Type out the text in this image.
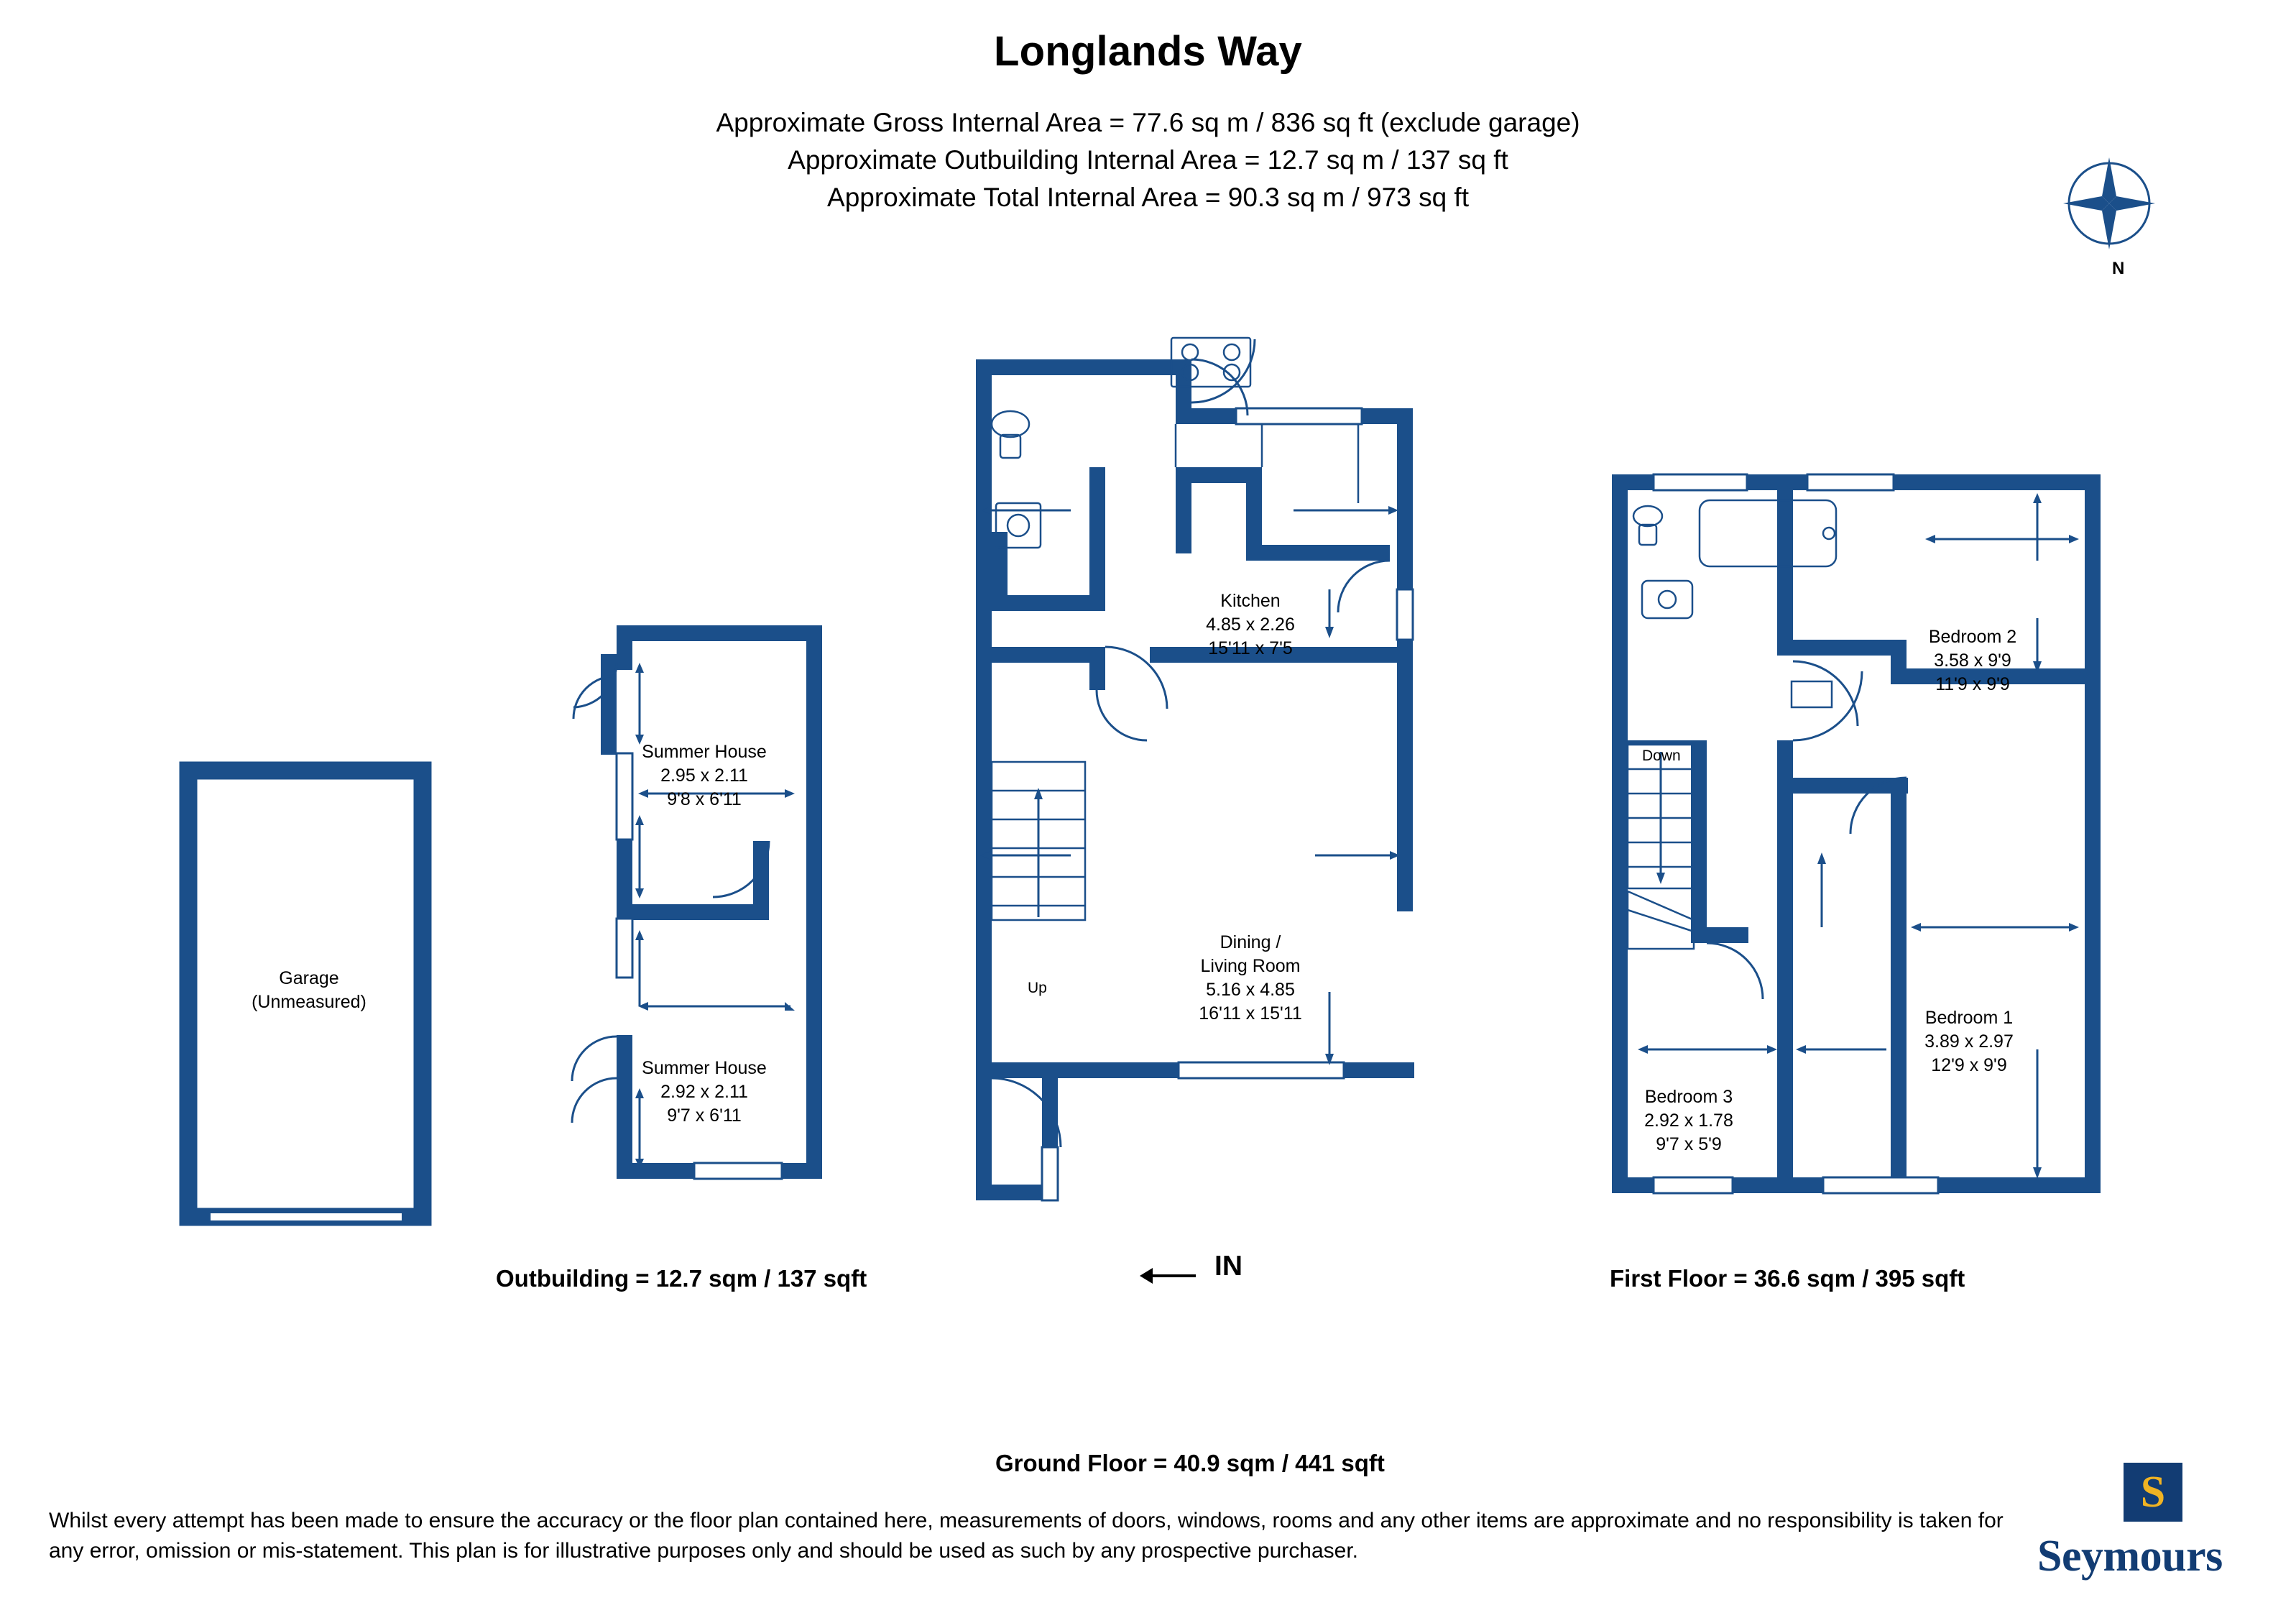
Longlands Way
Approximate Gross Internal Area = 77.6 sq m / 836 sq ft (exclude garage)
Approximate Outbuilding Internal Area = 12.7 sq m / 137 sq ft
Approximate Total Internal Area = 90.3 sq m / 973 sq ft
N
Garage
(Unmeasured)
Summer House
2.95 x 2.11
9'8 x 6'11
Summer House
2.92 x 2.11
9'7 x 6'11
Kitchen
4.85 x 2.26
15'11 x 7'5
Dining /
Living Room
5.16 x 4.85
16'11 x 15'11
Up
IN
Bedroom 2
3.58 x 9'9
11'9 x 9'9
Bedroom 1
3.89 x 2.97
12'9 x 9'9
Bedroom 3
2.92 x 1.78
9'7 x 5'9
Down
Outbuilding = 12.7 sqm / 137 sqft
Ground Floor = 40.9 sqm / 441 sqft
First Floor = 36.6 sqm / 395 sqft
Whilst every attempt has been made to ensure the accuracy or the floor plan contained here, measurements of doors, windows, rooms and any other items are approximate and no responsibility is taken for any error, omission or mis-statement. This plan is for illustrative purposes only and should be used as such by any prospective purchaser.
S
Seymours
